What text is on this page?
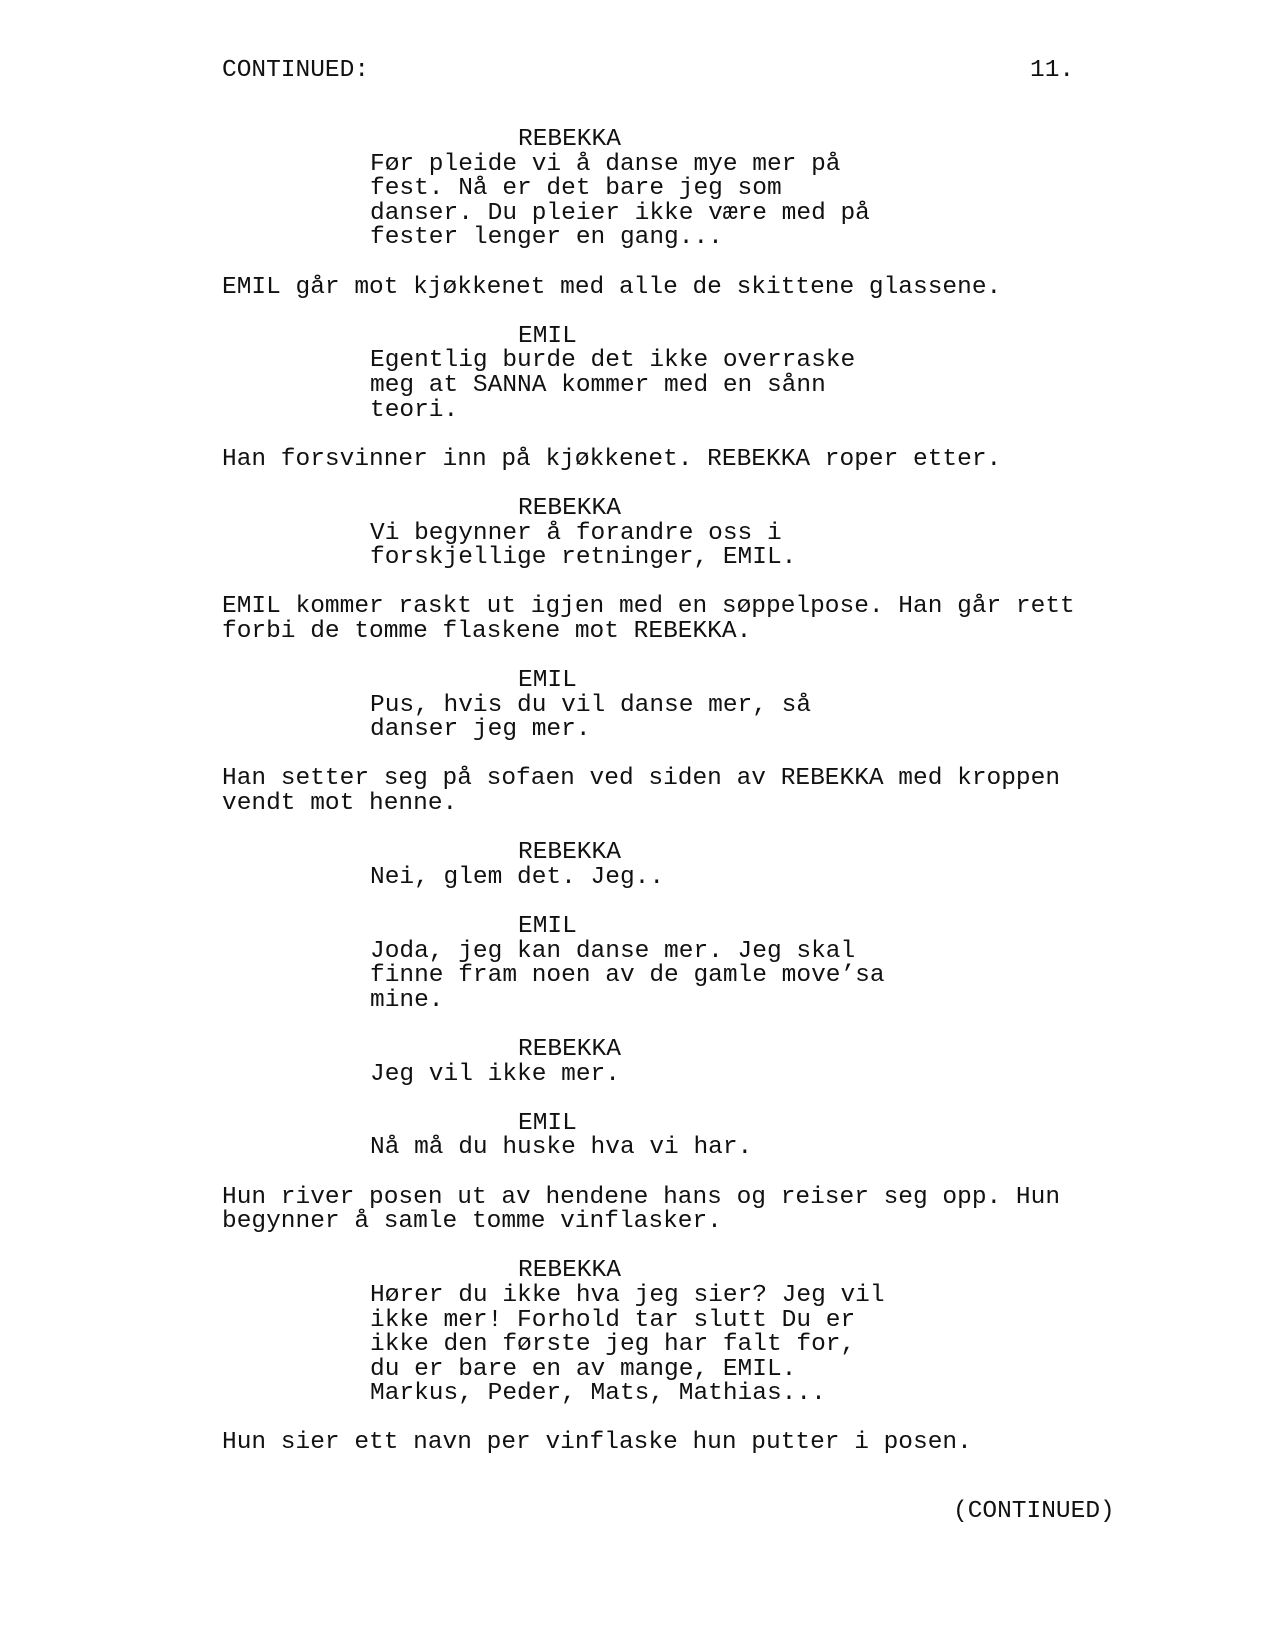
CONTINUED:	11.
REBEKKA
Før pleide vi å danse mye mer på
fest. Nå er det bare jeg som
danser. Du pleier ikke være med på
fester lenger en gang...
EMIL går mot kjøkkenet med alle de skittene glassene.
EMIL
Egentlig burde det ikke overraske
meg at SANNA kommer med en sånn
teori.
Han forsvinner inn på kjøkkenet. REBEKKA roper etter.
REBEKKA
Vi begynner å forandre oss i
forskjellige retninger, EMIL.
EMIL kommer raskt ut igjen med en søppelpose. Han går rett
forbi de tomme flaskene mot REBEKKA.
EMIL
Pus, hvis du vil danse mer, så
danser jeg mer.
Han setter seg på sofaen ved siden av REBEKKA med kroppen
vendt mot henne.
REBEKKA
Nei, glem det. Jeg..
EMIL
Joda, jeg kan danse mer. Jeg skal
finne fram noen av de gamle move’sa
mine.
REBEKKA
Jeg vil ikke mer.
EMIL
Nå må du huske hva vi har.
Hun river posen ut av hendene hans og reiser seg opp. Hun
begynner å samle tomme vinflasker.
REBEKKA
Hører du ikke hva jeg sier? Jeg vil
ikke mer! Forhold tar slutt Du er
ikke den første jeg har falt for,
du er bare en av mange, EMIL.
Markus, Peder, Mats, Mathias...
Hun sier ett navn per vinflaske hun putter i posen.
(CONTINUED)
